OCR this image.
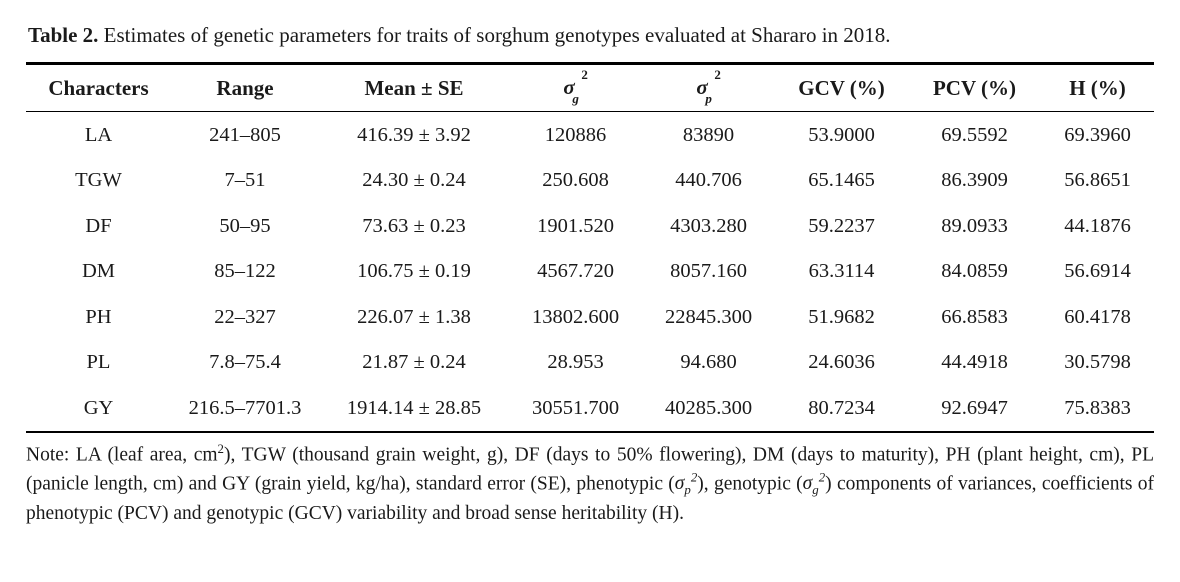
Table 2. Estimates of genetic parameters for traits of sorghum genotypes evaluated at Shararo in 2018.
Characters	Range	Mean ± SE	$\sigma_g^2$	$\sigma_p^2$	GCV (%)	PCV (%)	H (%)
LA	241–805	416.39 ± 3.92	120886	83890	53.9000	69.5592	69.3960
TGW	7–51	24.30 ± 0.24	250.608	440.706	65.1465	86.3909	56.8651
DF	50–95	73.63 ± 0.23	1901.520	4303.280	59.2237	89.0933	44.1876
DM	85–122	106.75 ± 0.19	4567.720	8057.160	63.3114	84.0859	56.6914
PH	22–327	226.07 ± 1.38	13802.600	22845.300	51.9682	66.8583	60.4178
PL	7.8–75.4	21.87 ± 0.24	28.953	94.680	24.6036	44.4918	30.5798
GY	216.5–7701.3	1914.14 ± 28.85	30551.700	40285.300	80.7234	92.6947	75.8383
Note: LA (leaf area, $cm^2$), TGW (thousand grain weight, g), DF (days to 50% flowering), DM (days to maturity), PH (plant height, cm), PL (panicle length, cm) and GY (grain yield, kg/ha), standard error (SE), phenotypic $(\sigma_p^2)$, genotypic $(\sigma_g^2)$ components of variances, coefficients of phenotypic (PCV) and genotypic (GCV) variability and broad sense heritability (H).
